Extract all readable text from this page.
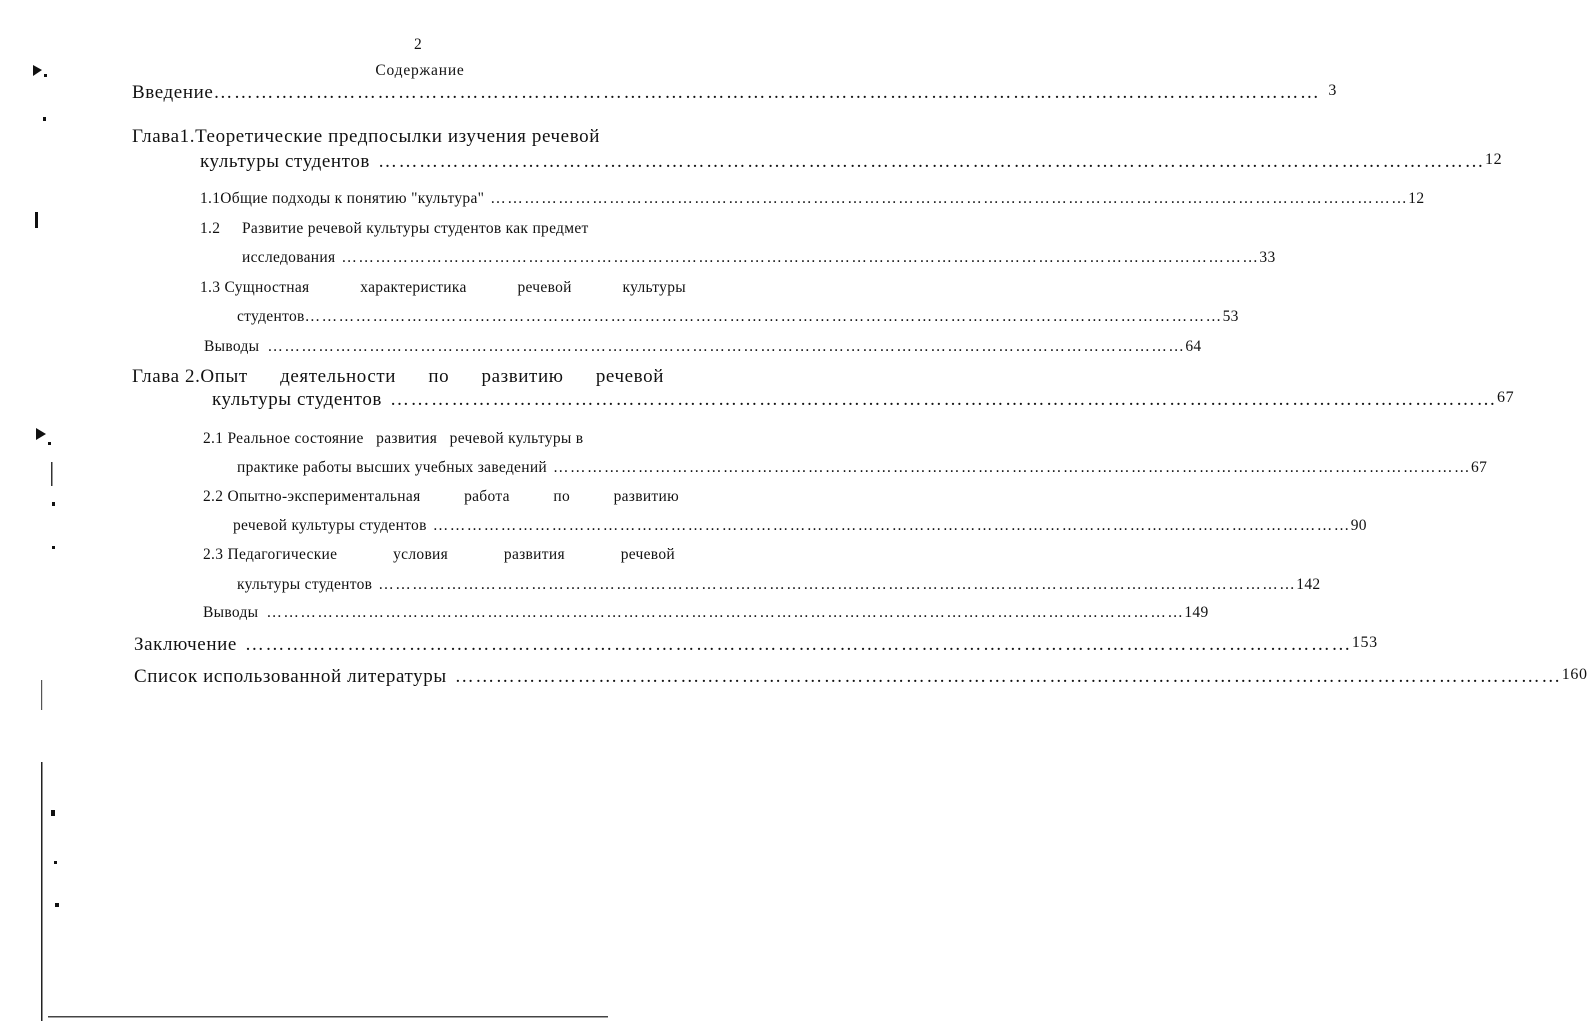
2
Содержание
Введение ……………………………………………………………………………………………………………………………………………… 3
Глава1.Теоретические предпосылки изучения речевой
культуры студентов ……………………………………………………………………………………………………………………………………………… 12
1.1 Общие подходы к понятию "культура" ……………………………………………………………………………………………………………………………………………… 12
1.2	Развитие речевой культуры студентов как предмет
исследования ……………………………………………………………………………………………………………………………………………… 33
1.3 Сущностная	характеристика	речевой	культуры
студентов ……………………………………………………………………………………………………………………………………………… 53
Выводы ……………………………………………………………………………………………………………………………………………… 64
Глава 2.Опыт деятельности по развитию речевой
культуры студентов ……………………………………………………………………………………………………………………………………………… 67
2.1 Реальное состояние   развития   речевой культуры в
практике работы высших учебных заведений ……………………………………………………………………………………………………………………………………………… 67
2.2 Опытно-экспериментальная	работа	по	развитию
речевой культуры студентов ……………………………………………………………………………………………………………………………………………… 90
2.3 Педагогические	условия	развития	речевой
культуры студентов ……………………………………………………………………………………………………………………………………………… 142
Выводы ……………………………………………………………………………………………………………………………………………… 149
Заключение ……………………………………………………………………………………………………………………………………………… 153
Список использованной литературы ……………………………………………………………………………………………………………………………………………… 160
